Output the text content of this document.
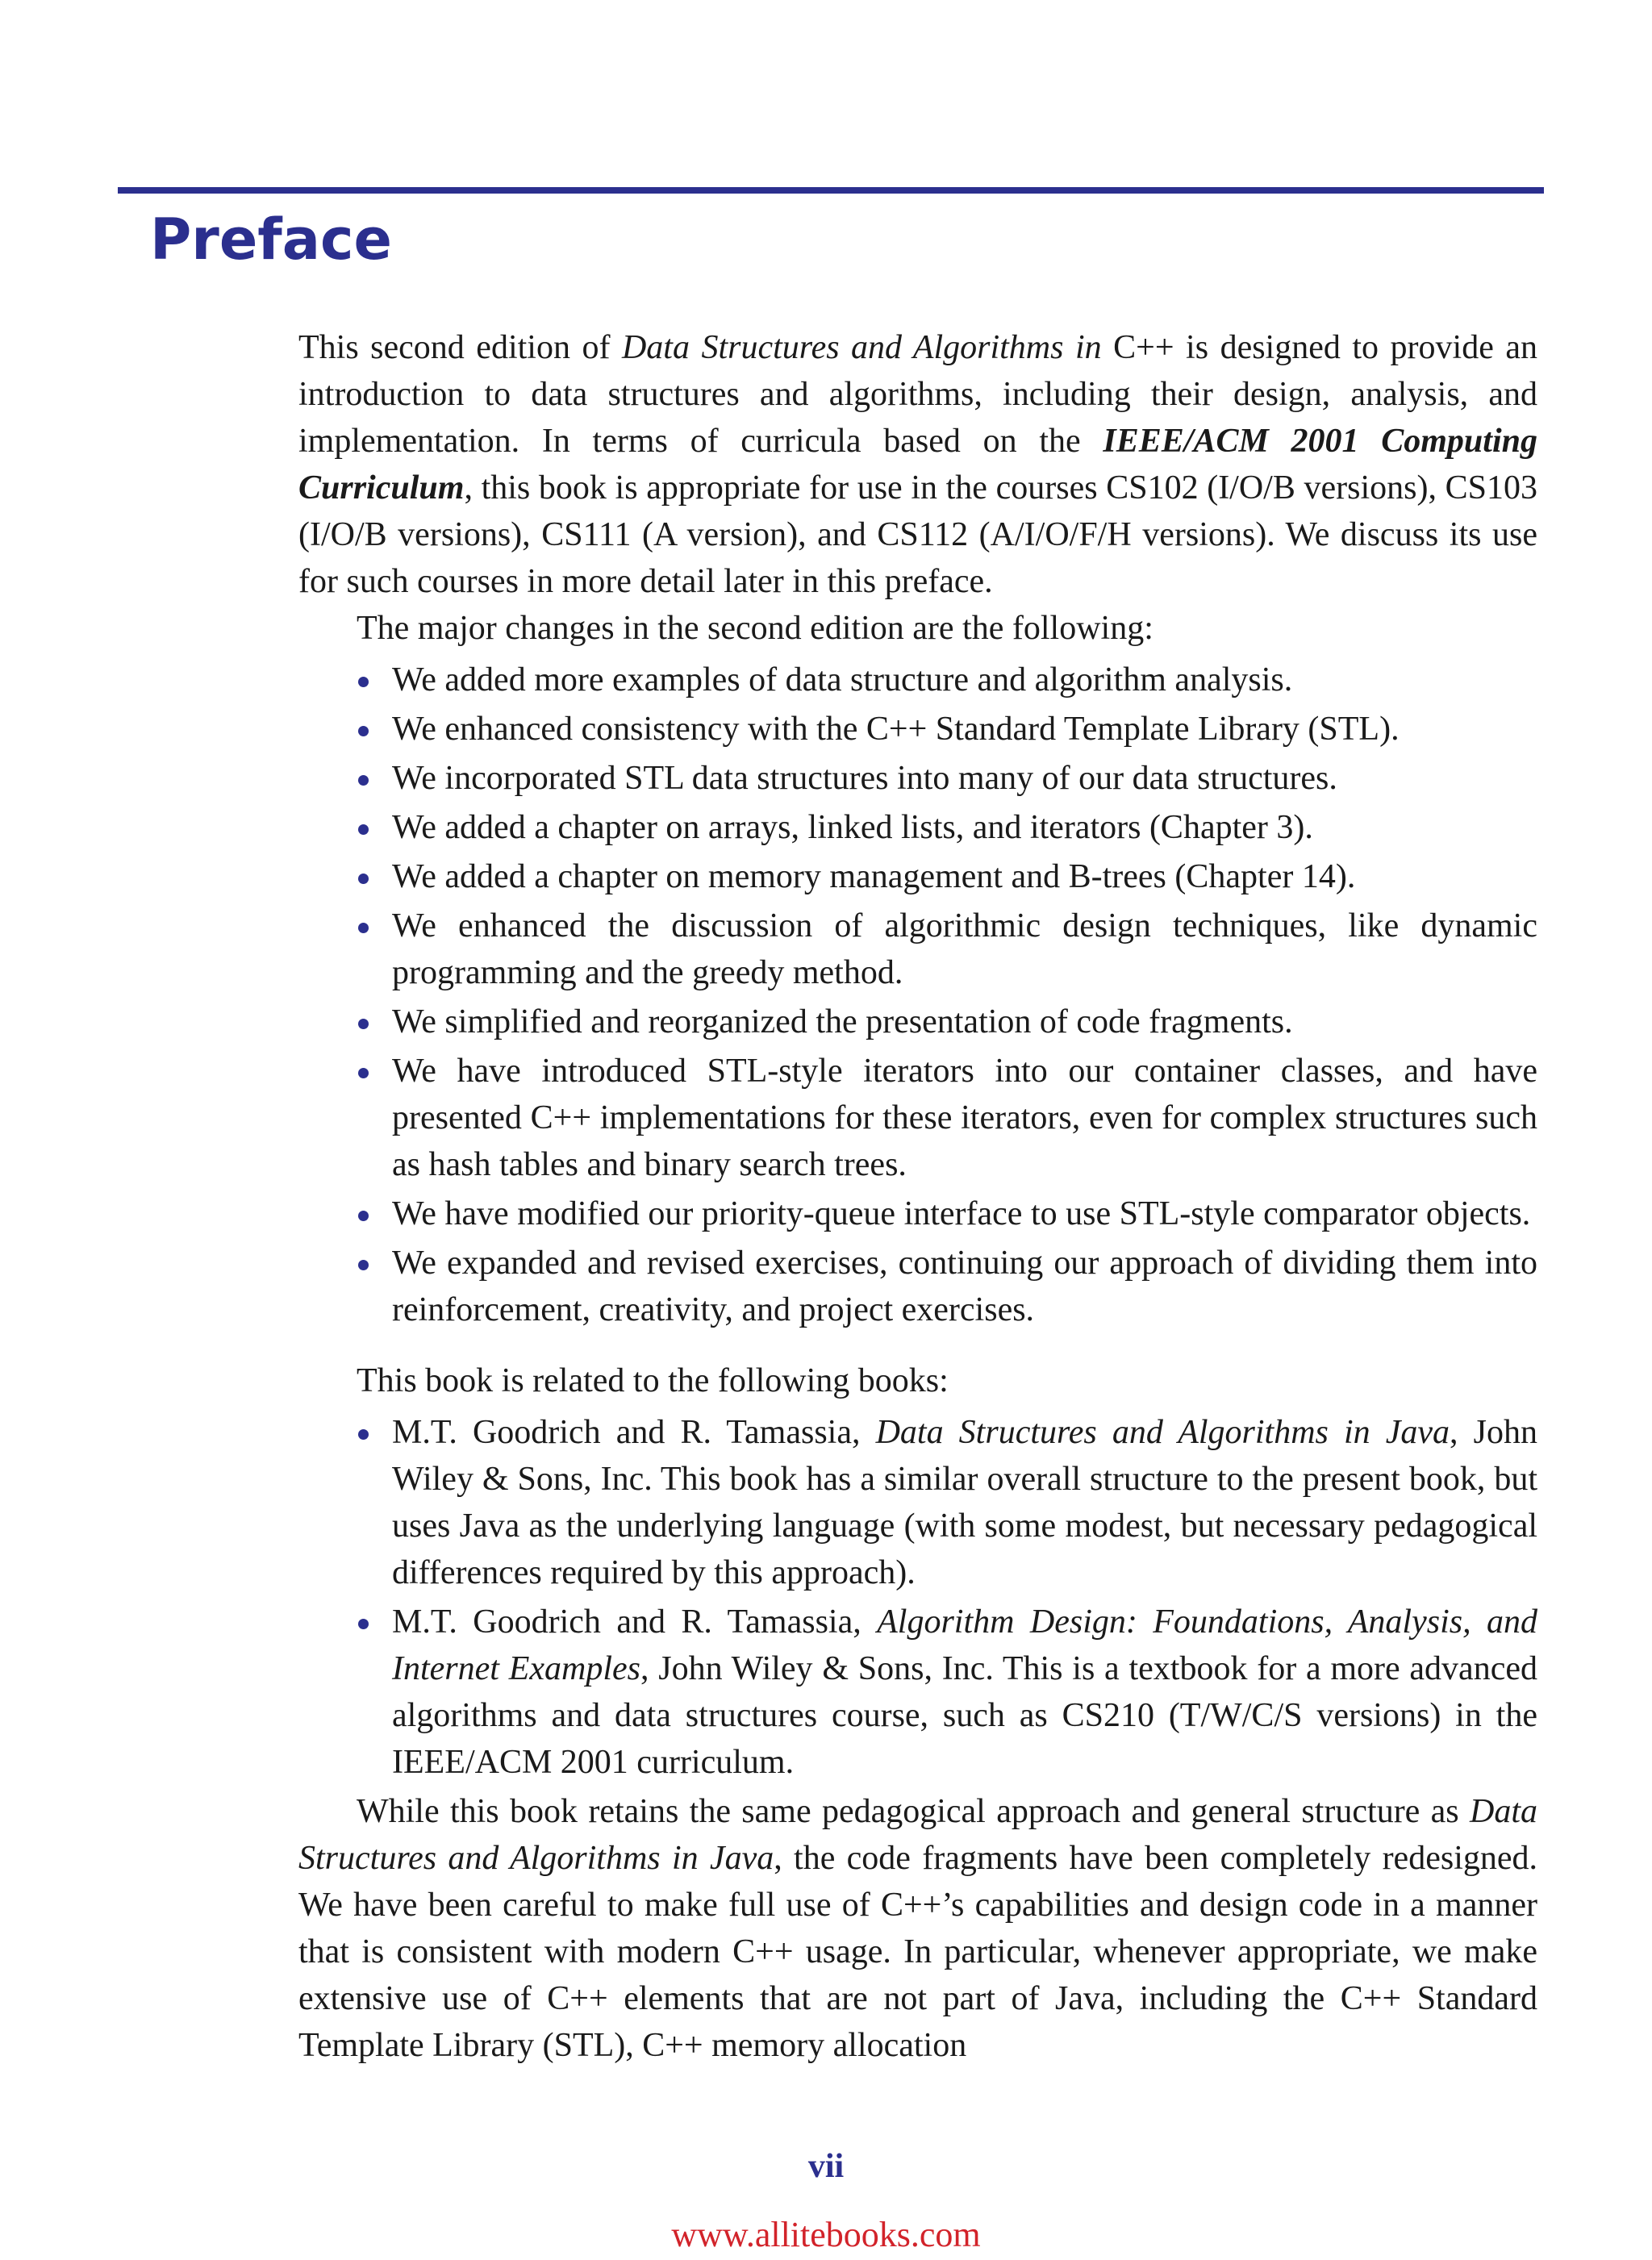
Preface

This second edition of Data Structures and Algorithms in C++ is designed to provide an introduction to data structures and algorithms, including their design, analysis, and implementation. In terms of curricula based on the IEEE/ACM 2001 Computing Curriculum, this book is appropriate for use in the courses CS102 (I/O/B versions), CS103 (I/O/B versions), CS111 (A version), and CS112 (A/I/O/F/H versions). We discuss its use for such courses in more detail later in this preface.

The major changes in the second edition are the following:

We added more examples of data structure and algorithm analysis.
We enhanced consistency with the C++ Standard Template Library (STL).
We incorporated STL data structures into many of our data structures.
We added a chapter on arrays, linked lists, and iterators (Chapter 3).
We added a chapter on memory management and B-trees (Chapter 14).
We enhanced the discussion of algorithmic design techniques, like dynamic programming and the greedy method.
We simplified and reorganized the presentation of code fragments.
We have introduced STL-style iterators into our container classes, and have presented C++ implementations for these iterators, even for complex structures such as hash tables and binary search trees.
We have modified our priority-queue interface to use STL-style comparator objects.
We expanded and revised exercises, continuing our approach of dividing them into reinforcement, creativity, and project exercises.

This book is related to the following books:

M.T. Goodrich and R. Tamassia, Data Structures and Algorithms in Java, John Wiley & Sons, Inc. This book has a similar overall structure to the present book, but uses Java as the underlying language (with some modest, but necessary pedagogical differences required by this approach).
M.T. Goodrich and R. Tamassia, Algorithm Design: Foundations, Analysis, and Internet Examples, John Wiley & Sons, Inc. This is a textbook for a more advanced algorithms and data structures course, such as CS210 (T/W/C/S versions) in the IEEE/ACM 2001 curriculum.

While this book retains the same pedagogical approach and general structure as Data Structures and Algorithms in Java, the code fragments have been completely redesigned. We have been careful to make full use of C++’s capabilities and design code in a manner that is consistent with modern C++ usage. In particular, whenever appropriate, we make extensive use of C++ elements that are not part of Java, including the C++ Standard Template Library (STL), C++ memory allocation

vii
www.allitebooks.com
